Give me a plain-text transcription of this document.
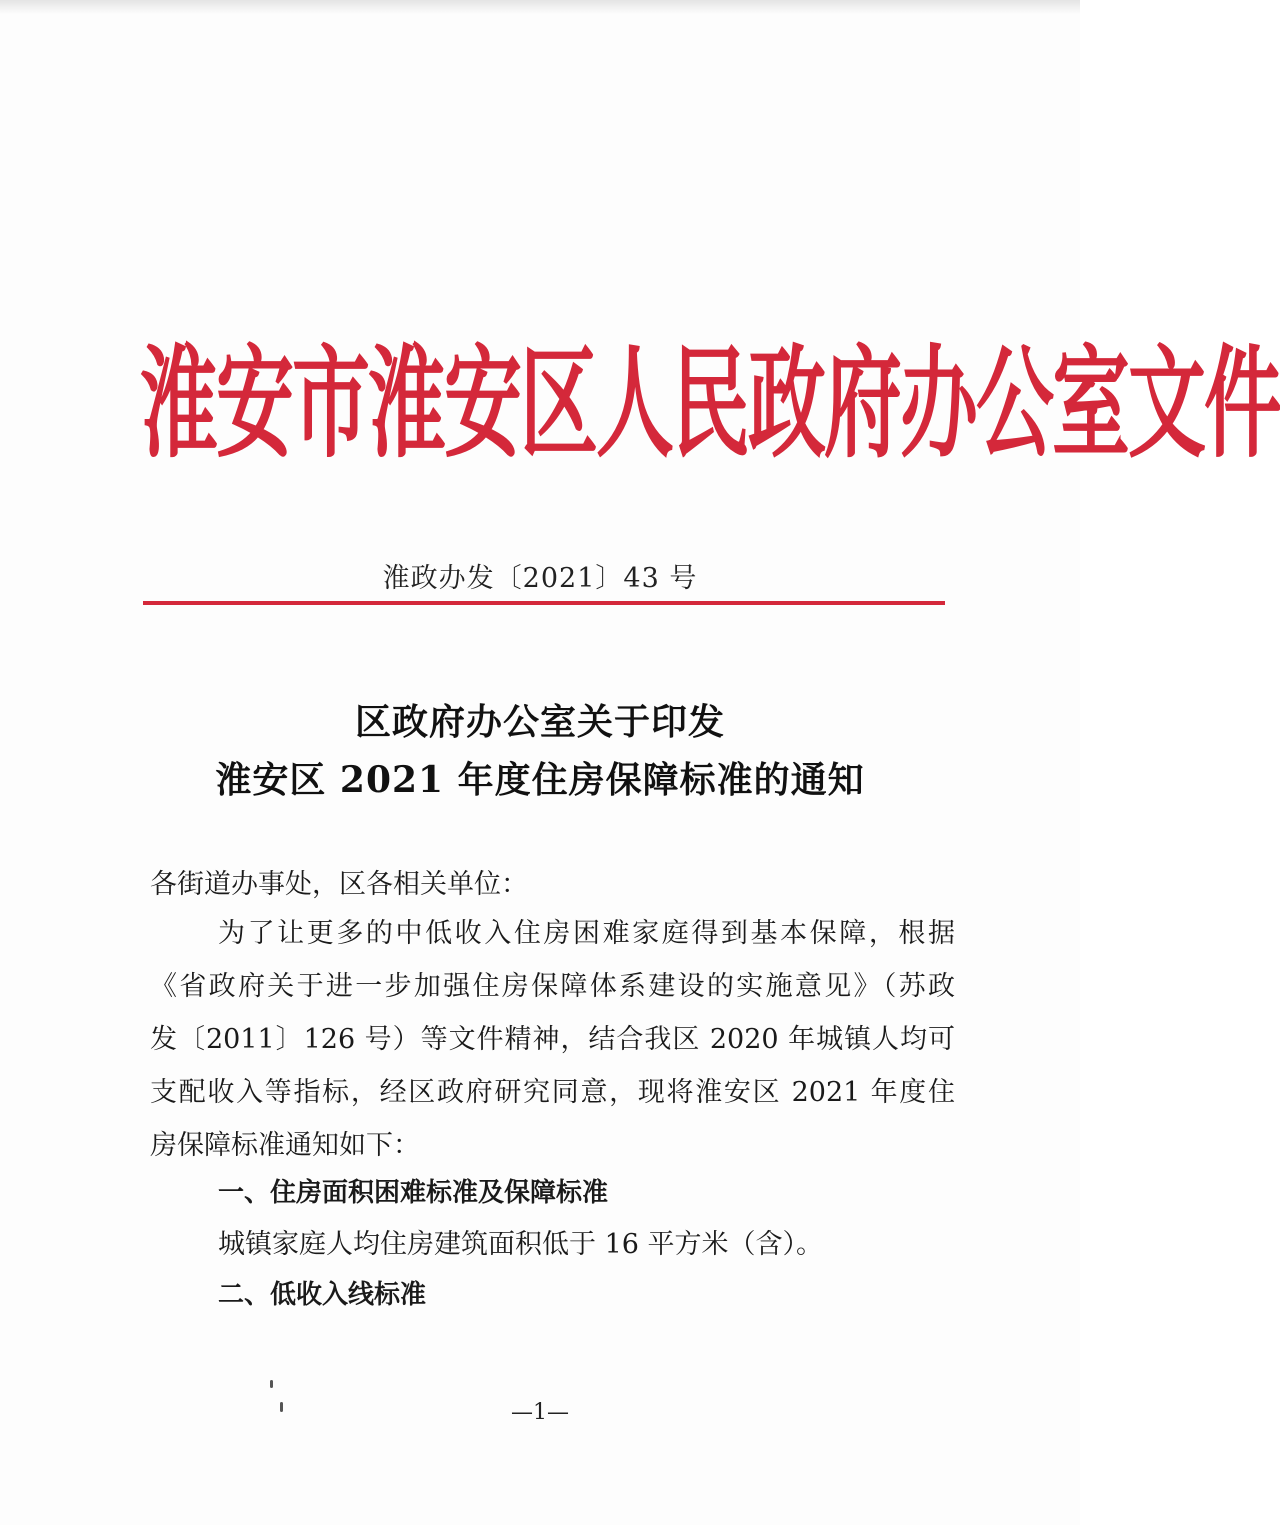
淮安市淮安区人民政府办公室文件
淮政办发〔2021〕43 号
区政府办公室关于印发
淮安区 2021 年度住房保障标准的通知
各街道办事处，区各相关单位：
为了让更多的中低收入住房困难家庭得到基本保障，根据
《省政府关于进一步加强住房保障体系建设的实施意见》（苏政
发〔2011〕126 号）等文件精神，结合我区 2020 年城镇人均可
支配收入等指标，经区政府研究同意，现将淮安区 2021 年度住
房保障标准通知如下：
一、住房面积困难标准及保障标准
城镇家庭人均住房建筑面积低于 16 平方米（含）。
二、低收入线标准
—1—
